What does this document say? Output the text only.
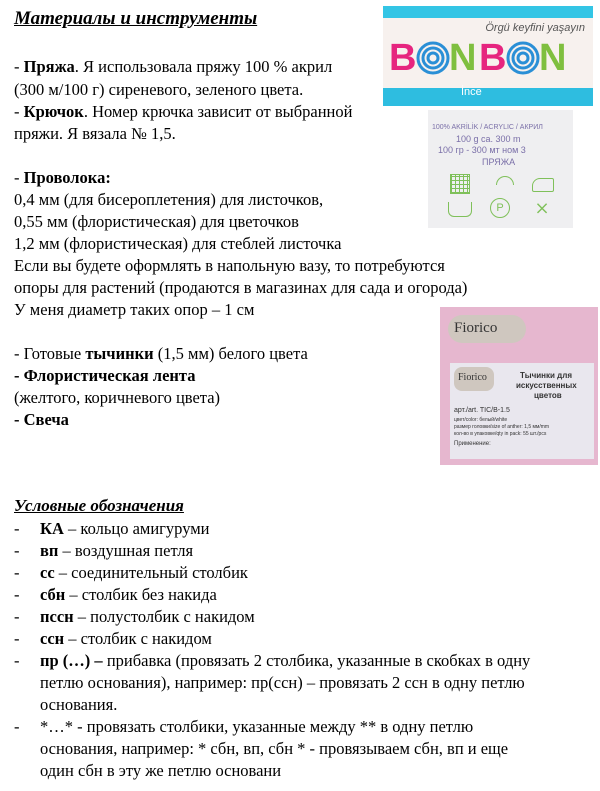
Материалы и инструменты
- Пряжа. Я использовала пряжу 100 % акрил
(300 м/100 г) сиреневого, зеленого цвета.
- Крючок. Номер крючка зависит от выбранной
пряжи. Я вязала № 1,5.
- Проволока:
0,4 мм (для бисероплетения) для листочков,
0,55 мм (флористическая) для цветочков
1,2 мм (флористическая) для стеблей листочка
Если вы будете оформлять в напольную вазу, то потребуются
опоры для растений (продаются в магазинах для сада и огорода)
У меня диаметр таких опор – 1 см
- Готовые тычинки (1,5 мм) белого цвета
- Флористическая лента
(желтого, коричневого цвета)
- Свеча
Условные обозначения
- КА – кольцо амигуруми
- вп – воздушная петля
- сс – соединительный столбик
- сбн – столбик без накида
- пссн – полустолбик с накидом
- ссн – столбик с накидом
- пр (…) – прибавка (провязать 2 столбика, указанные в скобках в одну
петлю основания), например: пр(ссн) – провязать 2 ссн в одну петлю
основания.
- *…* - провязать столбики, указанные между ** в одну петлю
основания, например: * сбн, вп, сбн * - провязываем сбн, вп и еще
один сбн в эту же петлю основани
Örgü keyfini yaşayın
B N B N
İnce
100% AKRİLİK / ACRYLIC / АКРИЛ
100 g ca. 300 m
100 гр - 300 мт ном 3
ПРЯЖА
P	⨯
Fiorico
Fiorico	Тычинки для
искусственных
цветов
арт./art. TIC/B-1.5
цвет/color: белый/white
размер головки/size of anther: 1,5 мм/mm
кол-во в упаковке/qty in pack: 55 шт./pcs
Применение:
